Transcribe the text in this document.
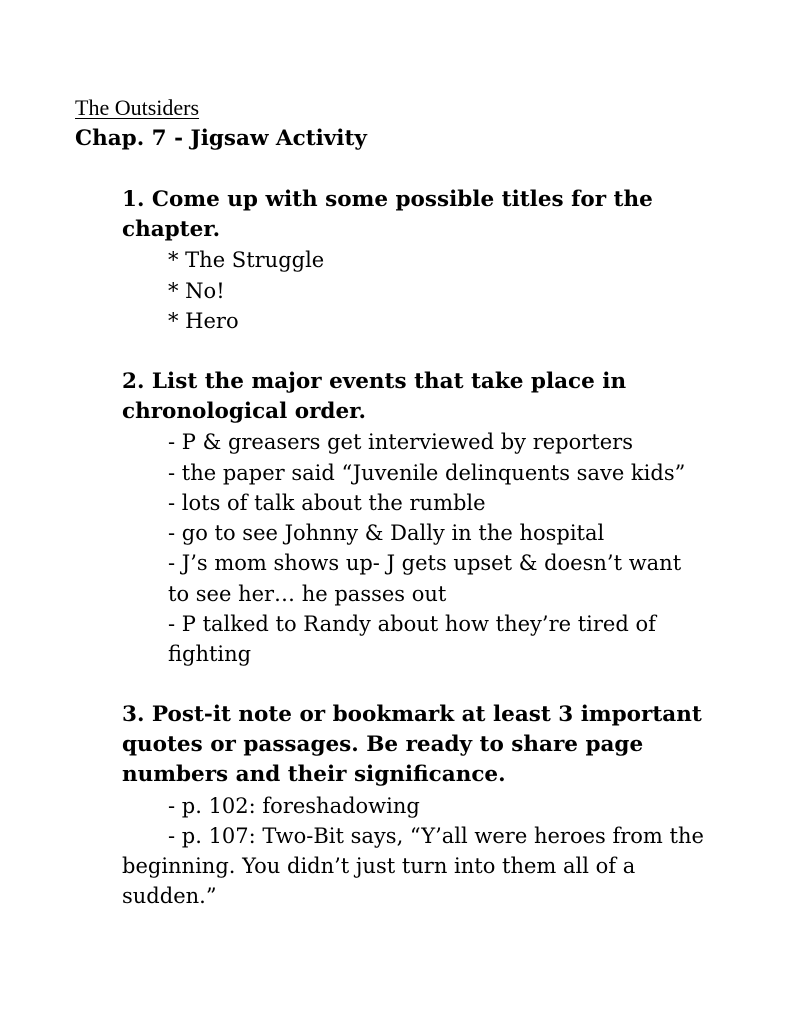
The Outsiders
Chap. 7 - Jigsaw Activity
1. Come up with some possible titles for the
chapter.
* The Struggle
* No!
* Hero
2. List the major events that take place in
chronological order.
- P & greasers get interviewed by reporters
- the paper said “Juvenile delinquents save kids”
- lots of talk about the rumble
- go to see Johnny & Dally in the hospital
- J’s mom shows up- J gets upset & doesn’t want
to see her… he passes out
- P talked to Randy about how they’re tired of
fighting
3. Post-it note or bookmark at least 3 important
quotes or passages. Be ready to share page
numbers and their significance.
- p. 102: foreshadowing
- p. 107: Two-Bit says, “Y’all were heroes from the
beginning. You didn’t just turn into them all of a
sudden.”
